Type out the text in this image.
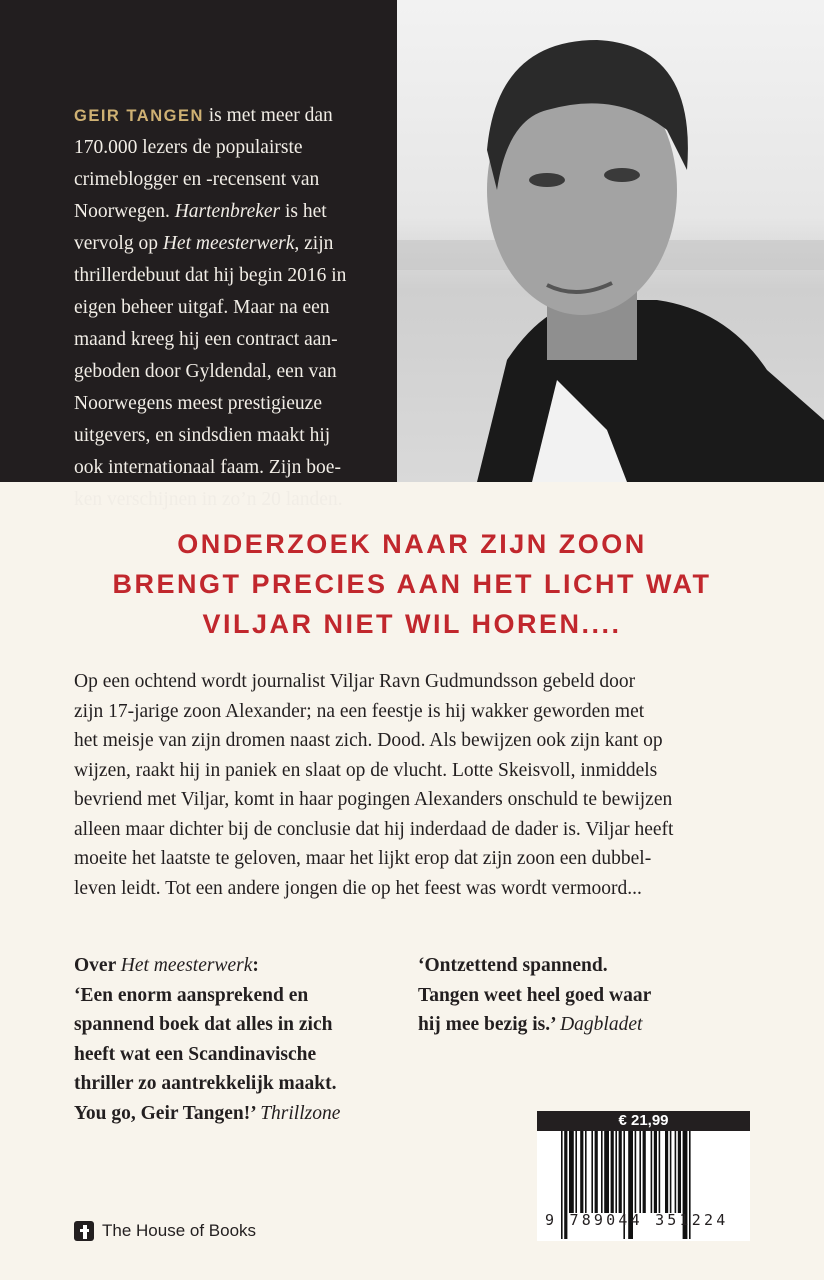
GEIR TANGEN is met meer dan
170.000 lezers de populairste
crimeblogger en -recensent van
Noorwegen. Hartenbreker is het
vervolg op Het meesterwerk, zijn
thrillerdebuut dat hij begin 2016 in
eigen beheer uitgaf. Maar na een
maand kreeg hij een contract aan-
geboden door Gyldendal, een van
Noorwegens meest prestigieuze
uitgevers, en sindsdien maakt hij
ook internationaal faam. Zijn boe-
ken verschijnen in zo’n 20 landen.
ONDERZOEK NAAR ZIJN ZOON
BRENGT PRECIES AAN HET LICHT WAT
VILJAR NIET WIL HOREN....
Op een ochtend wordt journalist Viljar Ravn Gudmundsson gebeld door
zijn 17-jarige zoon Alexander; na een feestje is hij wakker geworden met
het meisje van zijn dromen naast zich. Dood. Als bewijzen ook zijn kant op
wijzen, raakt hij in paniek en slaat op de vlucht. Lotte Skeisvoll, inmiddels
bevriend met Viljar, komt in haar pogingen Alexanders onschuld te bewijzen
alleen maar dichter bij de conclusie dat hij inderdaad de dader is. Viljar heeft
moeite het laatste te geloven, maar het lijkt erop dat zijn zoon een dubbel-
leven leidt. Tot een andere jongen die op het feest was wordt vermoord...
Over Het meesterwerk:
‘Een enorm aansprekend en
spannend boek dat alles in zich
heeft wat een Scandinavische
thriller zo aantrekkelijk maakt.
You go, Geir Tangen!’ Thrillzone
‘Ontzettend spannend.
Tangen weet heel goed waar
hij mee bezig is.’ Dagbladet
€ 21,99
9 789044 351224
The House of Books
